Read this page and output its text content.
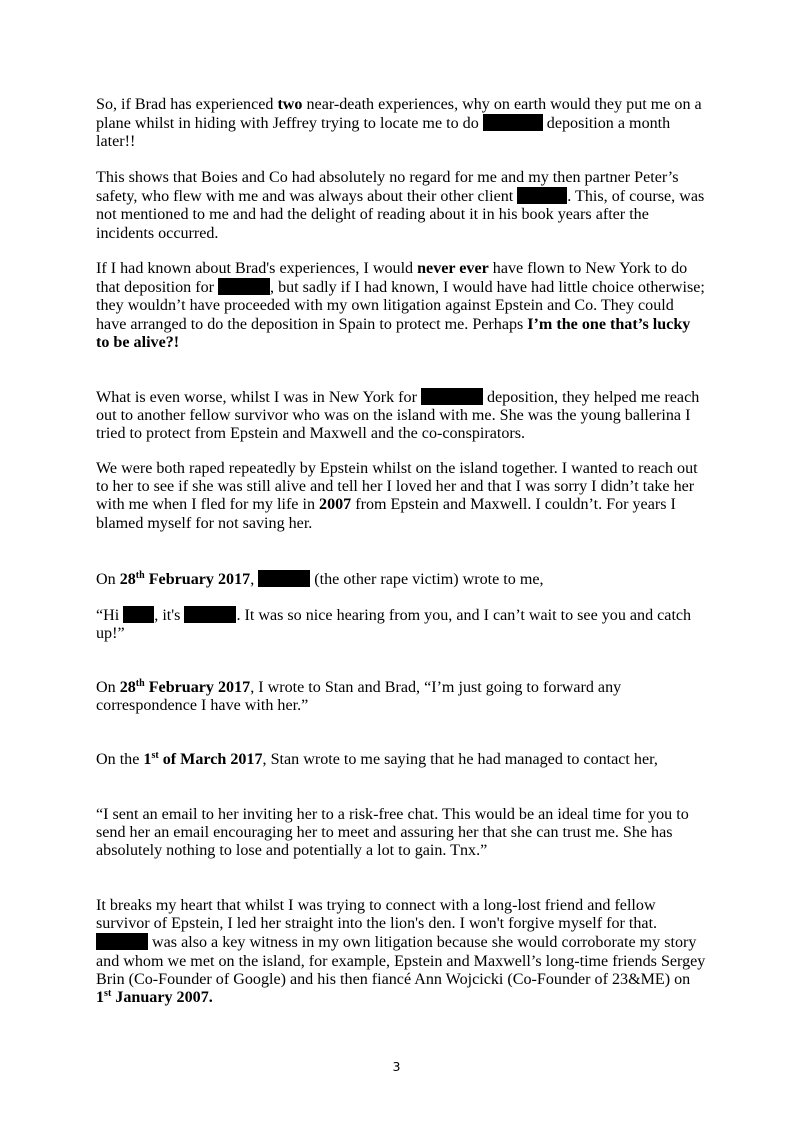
So, if Brad has experienced two near-death experiences, why on earth would they put me on a plane whilst in hiding with Jeffrey trying to locate me to do	deposition a month later!!

This shows that Boies and Co had absolutely no regard for me and my then partner Peter’s safety, who flew with me and was always about their other client	. This, of course, was not mentioned to me and had the delight of reading about it in his book years after the incidents occurred.

If I had known about Brad's experiences, I would never ever have flown to New York to do that deposition for	, but sadly if I had known, I would have had little choice otherwise; they wouldn’t have proceeded with my own litigation against Epstein and Co. They could have arranged to do the deposition in Spain to protect me. Perhaps I’m the one that’s lucky to be alive?!

What is even worse, whilst I was in New York for	deposition, they helped me reach out to another fellow survivor who was on the island with me. She was the young ballerina I tried to protect from Epstein and Maxwell and the co-conspirators.

We were both raped repeatedly by Epstein whilst on the island together. I wanted to reach out to her to see if she was still alive and tell her I loved her and that I was sorry I didn’t take her with me when I fled for my life in 2007 from Epstein and Maxwell. I couldn’t. For years I blamed myself for not saving her.

On 28th February 2017,	(the other rape victim) wrote to me,

“Hi , it's	. It was so nice hearing from you, and I can’t wait to see you and catch up!”

On 28th February 2017, I wrote to Stan and Brad, “I’m just going to forward any correspondence I have with her.”

On the 1st of March 2017, Stan wrote to me saying that he had managed to contact her,

“I sent an email to her inviting her to a risk-free chat. This would be an ideal time for you to send her an email encouraging her to meet and assuring her that she can trust me. She has absolutely nothing to lose and potentially a lot to gain. Tnx.”

It breaks my heart that whilst I was trying to connect with a long-lost friend and fellow survivor of Epstein, I led her straight into the lion's den. I won't forgive myself for that.  was also a key witness in my own litigation because she would corroborate my story and whom we met on the island, for example, Epstein and Maxwell’s long-time friends Sergey Brin (Co-Founder of Google) and his then fiancé Ann Wojcicki (Co-Founder of 23&ME) on 1st January 2007.

3
